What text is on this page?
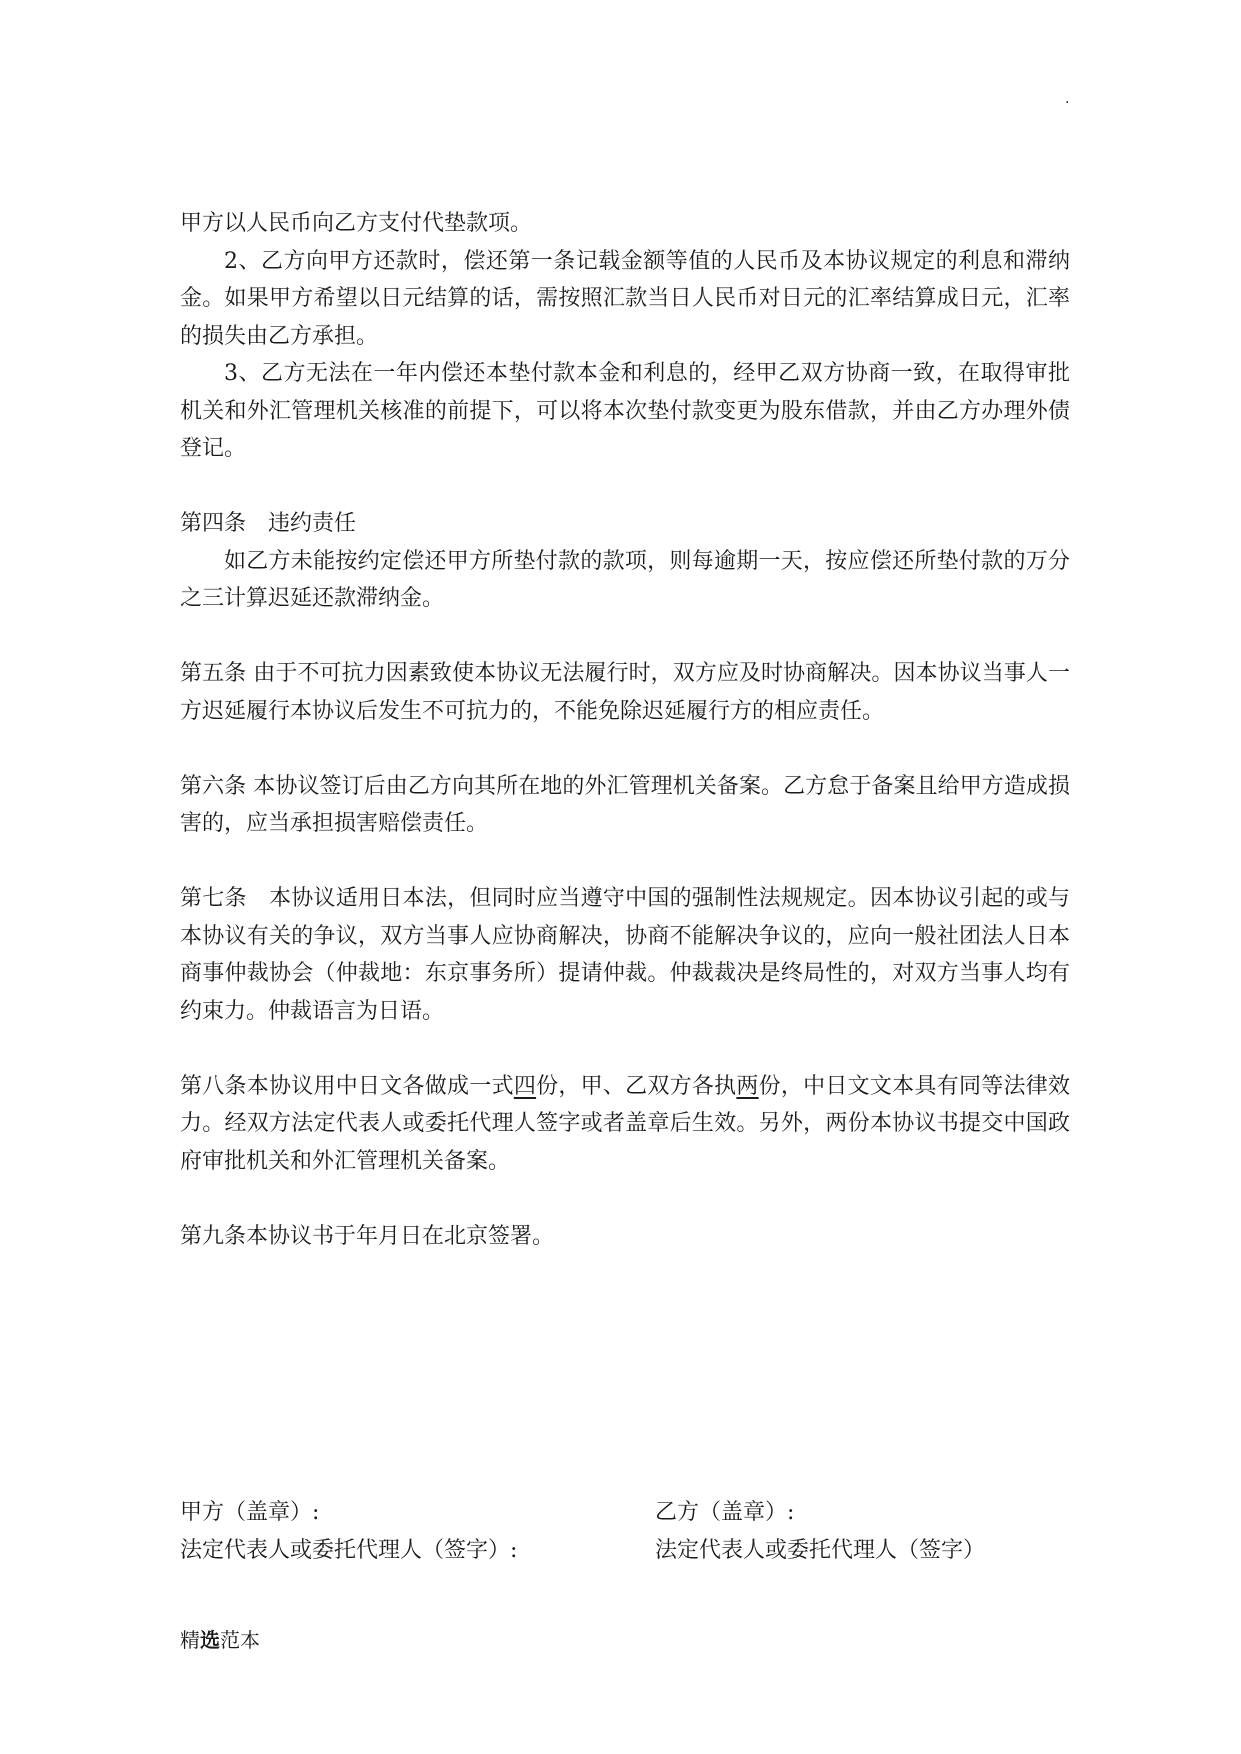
·

甲方以人民币向乙方支付代垫款项。

2、乙方向甲方还款时，偿还第一条记载金额等值的人民币及本协议规定的利息和滞纳金。如果甲方希望以日元结算的话，需按照汇款当日人民币对日元的汇率结算成日元，汇率的损失由乙方承担。

3、乙方无法在一年内偿还本垫付款本金和利息的，经甲乙双方协商一致，在取得审批机关和外汇管理机关核准的前提下，可以将本次垫付款变更为股东借款，并由乙方办理外债登记。

第四条　违约责任

如乙方未能按约定偿还甲方所垫付款的款项，则每逾期一天，按应偿还所垫付款的万分之三计算迟延还款滞纳金。

第五条 由于不可抗力因素致使本协议无法履行时，双方应及时协商解决。因本协议当事人一方迟延履行本协议后发生不可抗力的，不能免除迟延履行方的相应责任。

第六条 本协议签订后由乙方向其所在地的外汇管理机关备案。乙方怠于备案且给甲方造成损害的，应当承担损害赔偿责任。

第七条　本协议适用日本法，但同时应当遵守中国的强制性法规规定。因本协议引起的或与本协议有关的争议，双方当事人应协商解决，协商不能解决争议的，应向一般社团法人日本商事仲裁协会（仲裁地：东京事务所）提请仲裁。仲裁裁决是终局性的，对双方当事人均有约束力。仲裁语言为日语。

第八条本协议用中日文各做成一式四份，甲、乙双方各执两份，中日文文本具有同等法律效力。经双方法定代表人或委托代理人签字或者盖章后生效。另外，两份本协议书提交中国政府审批机关和外汇管理机关备案。

第九条本协议书于年月日在北京签署。

甲方（盖章）:
法定代表人或委托代理人（签字）:
乙方（盖章）:
法定代表人或委托代理人（签字）
精选范本
